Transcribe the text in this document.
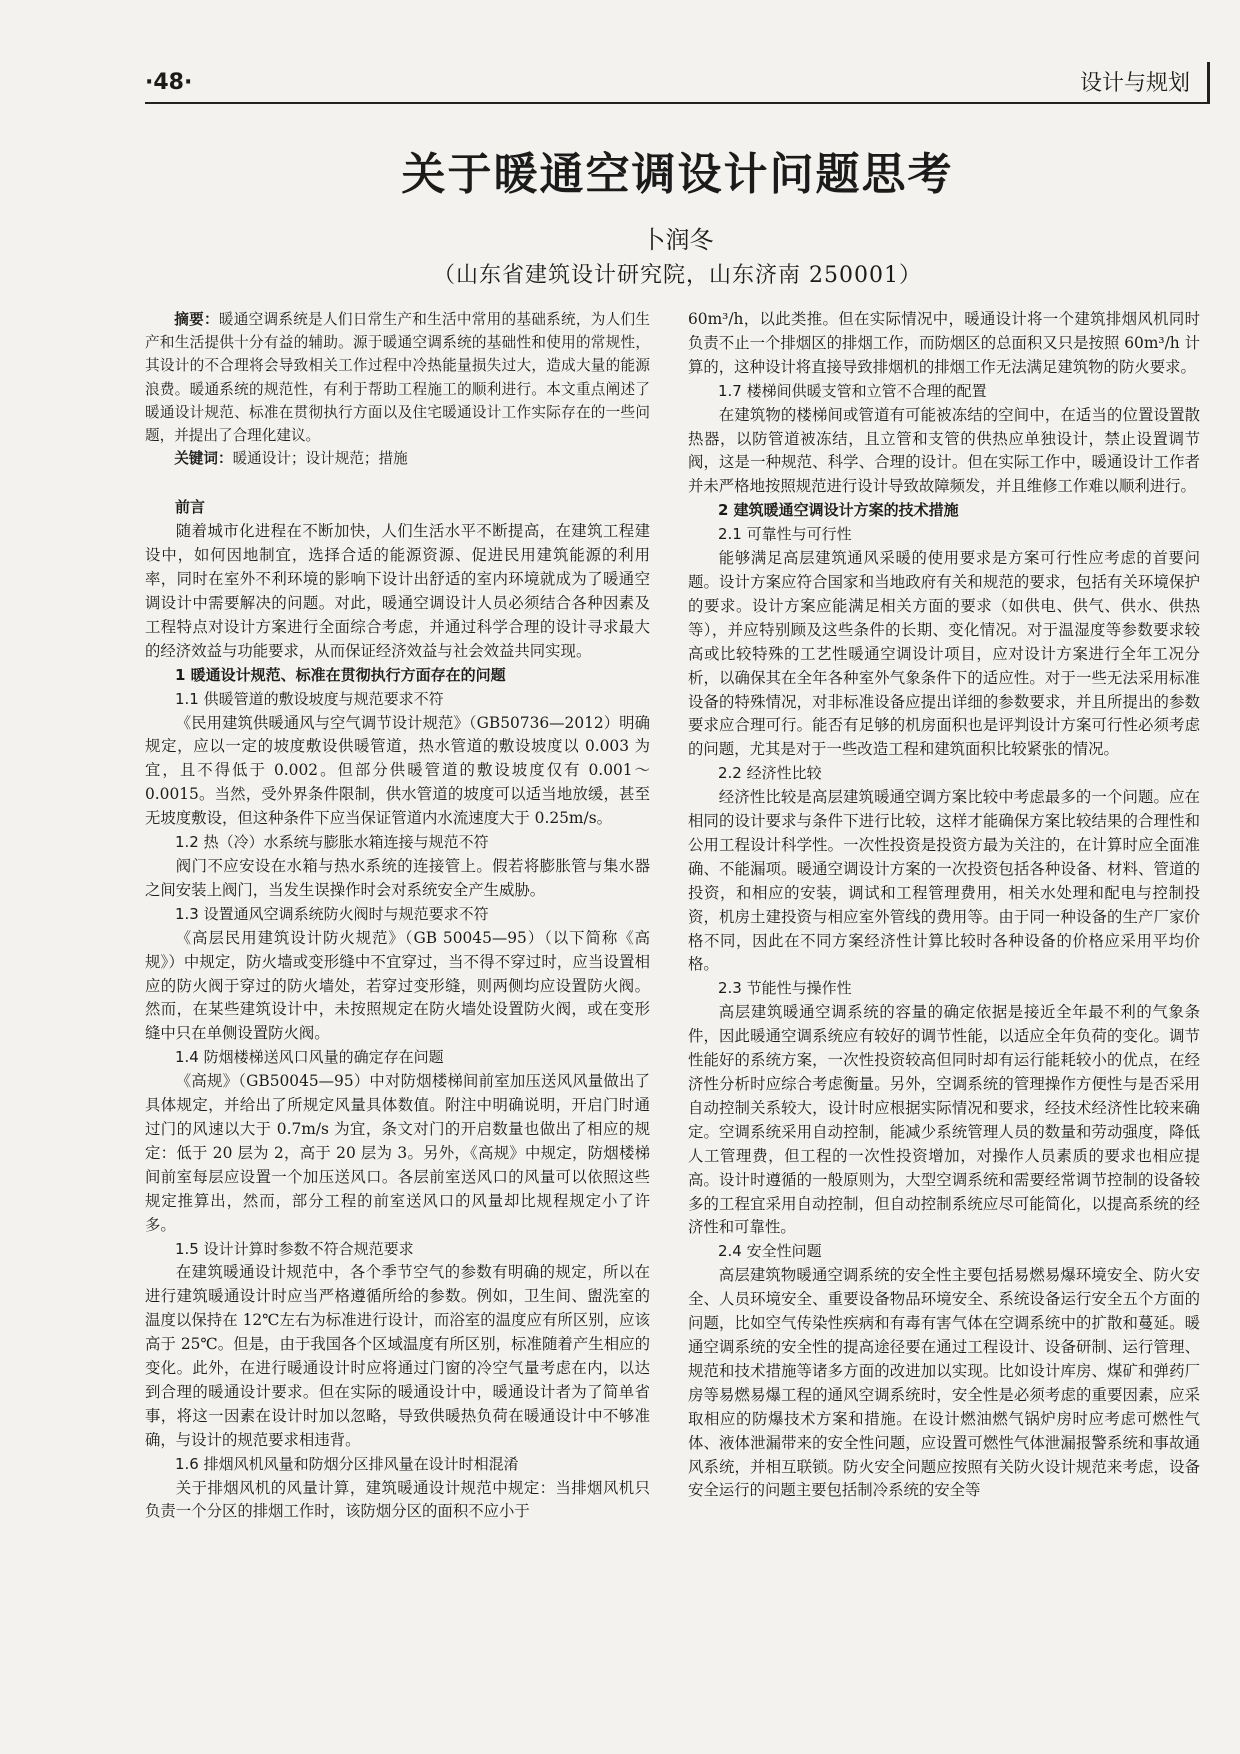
·48·	设计与规划
关于暖通空调设计问题思考
卜润冬
（山东省建筑设计研究院，山东济南 250001）

摘要：暖通空调系统是人们日常生产和生活中常用的基础系统，为人们生产和生活提供十分有益的辅助。源于暖通空调系统的基础性和使用的常规性，其设计的不合理将会导致相关工作过程中冷热能量损失过大，造成大量的能源浪费。暖通系统的规范性，有利于帮助工程施工的顺利进行。本文重点阐述了暖通设计规范、标准在贯彻执行方面以及住宅暖通设计工作实际存在的一些问题，并提出了合理化建议。

关键词：暖通设计；设计规范；措施

前言

随着城市化进程在不断加快，人们生活水平不断提高，在建筑工程建设中，如何因地制宜，选择合适的能源资源、促进民用建筑能源的利用率，同时在室外不利环境的影响下设计出舒适的室内环境就成为了暖通空调设计中需要解决的问题。对此，暖通空调设计人员必须结合各种因素及工程特点对设计方案进行全面综合考虑，并通过科学合理的设计寻求最大的经济效益与功能要求，从而保证经济效益与社会效益共同实现。

1 暖通设计规范、标准在贯彻执行方面存在的问题

1.1 供暖管道的敷设坡度与规范要求不符

《民用建筑供暖通风与空气调节设计规范》（GB50736—2012）明确规定，应以一定的坡度敷设供暖管道，热水管道的敷设坡度以 0.003 为宜，且不得低于 0.002。但部分供暖管道的敷设坡度仅有 0.001～0.0015。当然，受外界条件限制，供水管道的坡度可以适当地放缓，甚至无坡度敷设，但这种条件下应当保证管道内水流速度大于 0.25m/s。

1.2 热（冷）水系统与膨胀水箱连接与规范不符

阀门不应安设在水箱与热水系统的连接管上。假若将膨胀管与集水器之间安装上阀门，当发生误操作时会对系统安全产生威胁。

1.3 设置通风空调系统防火阀时与规范要求不符

《高层民用建筑设计防火规范》（GB 50045—95）（以下简称《高规》）中规定，防火墙或变形缝中不宜穿过，当不得不穿过时，应当设置相应的防火阀于穿过的防火墙处，若穿过变形缝，则两侧均应设置防火阀。然而，在某些建筑设计中，未按照规定在防火墙处设置防火阀，或在变形缝中只在单侧设置防火阀。

1.4 防烟楼梯送风口风量的确定存在问题

《高规》（GB50045—95）中对防烟楼梯间前室加压送风风量做出了具体规定，并给出了所规定风量具体数值。附注中明确说明，开启门时通过门的风速以大于 0.7m/s 为宜，条文对门的开启数量也做出了相应的规定：低于 20 层为 2，高于 20 层为 3。另外，《高规》中规定，防烟楼梯间前室每层应设置一个加压送风口。各层前室送风口的风量可以依照这些规定推算出，然而，部分工程的前室送风口的风量却比规程规定小了许多。

1.5 设计计算时参数不符合规范要求

在建筑暖通设计规范中，各个季节空气的参数有明确的规定，所以在进行建筑暖通设计时应当严格遵循所给的参数。例如，卫生间、盥洗室的温度以保持在 12℃左右为标准进行设计，而浴室的温度应有所区别，应该高于 25℃。但是，由于我国各个区域温度有所区别，标准随着产生相应的变化。此外，在进行暖通设计时应将通过门窗的冷空气量考虑在内，以达到合理的暖通设计要求。但在实际的暖通设计中，暖通设计者为了简单省事，将这一因素在设计时加以忽略，导致供暖热负荷在暖通设计中不够准确，与设计的规范要求相违背。

1.6 排烟风机风量和防烟分区排风量在设计时相混淆

关于排烟风机的风量计算，建筑暖通设计规范中规定：当排烟风机只负责一个分区的排烟工作时，该防烟分区的面积不应小于

60m³/h，以此类推。但在实际情况中，暖通设计将一个建筑排烟风机同时负责不止一个排烟区的排烟工作，而防烟区的总面积又只是按照 60m³/h 计算的，这种设计将直接导致排烟机的排烟工作无法满足建筑物的防火要求。

1.7 楼梯间供暖支管和立管不合理的配置

在建筑物的楼梯间或管道有可能被冻结的空间中，在适当的位置设置散热器，以防管道被冻结，且立管和支管的供热应单独设计，禁止设置调节阀，这是一种规范、科学、合理的设计。但在实际工作中，暖通设计工作者并未严格地按照规范进行设计导致故障频发，并且维修工作难以顺利进行。

2 建筑暖通空调设计方案的技术措施

2.1 可靠性与可行性

能够满足高层建筑通风采暖的使用要求是方案可行性应考虑的首要问题。设计方案应符合国家和当地政府有关和规范的要求，包括有关环境保护的要求。设计方案应能满足相关方面的要求（如供电、供气、供水、供热等），并应特别顾及这些条件的长期、变化情况。对于温湿度等参数要求较高或比较特殊的工艺性暖通空调设计项目，应对设计方案进行全年工况分析，以确保其在全年各种室外气象条件下的适应性。对于一些无法采用标准设备的特殊情况，对非标准设备应提出详细的参数要求，并且所提出的参数要求应合理可行。能否有足够的机房面积也是评判设计方案可行性必须考虑的问题，尤其是对于一些改造工程和建筑面积比较紧张的情况。

2.2 经济性比较

经济性比较是高层建筑暖通空调方案比较中考虑最多的一个问题。应在相同的设计要求与条件下进行比较，这样才能确保方案比较结果的合理性和公用工程设计科学性。一次性投资是投资方最为关注的，在计算时应全面准确、不能漏项。暖通空调设计方案的一次投资包括各种设备、材料、管道的投资，和相应的安装，调试和工程管理费用，相关水处理和配电与控制投资，机房土建投资与相应室外管线的费用等。由于同一种设备的生产厂家价格不同，因此在不同方案经济性计算比较时各种设备的价格应采用平均价格。

2.3 节能性与操作性

高层建筑暖通空调系统的容量的确定依据是接近全年最不利的气象条件，因此暖通空调系统应有较好的调节性能，以适应全年负荷的变化。调节性能好的系统方案，一次性投资较高但同时却有运行能耗较小的优点，在经济性分析时应综合考虑衡量。另外，空调系统的管理操作方便性与是否采用自动控制关系较大，设计时应根据实际情况和要求，经技术经济性比较来确定。空调系统采用自动控制，能减少系统管理人员的数量和劳动强度，降低人工管理费，但工程的一次性投资增加，对操作人员素质的要求也相应提高。设计时遵循的一般原则为，大型空调系统和需要经常调节控制的设备较多的工程宜采用自动控制，但自动控制系统应尽可能简化，以提高系统的经济性和可靠性。

2.4 安全性问题

高层建筑物暖通空调系统的安全性主要包括易燃易爆环境安全、防火安全、人员环境安全、重要设备物品环境安全、系统设备运行安全五个方面的问题，比如空气传染性疾病和有毒有害气体在空调系统中的扩散和蔓延。暖通空调系统的安全性的提高途径要在通过工程设计、设备研制、运行管理、规范和技术措施等诸多方面的改进加以实现。比如设计库房、煤矿和弹药厂房等易燃易爆工程的通风空调系统时，安全性是必须考虑的重要因素，应采取相应的防爆技术方案和措施。在设计燃油燃气锅炉房时应考虑可燃性气体、液体泄漏带来的安全性问题，应设置可燃性气体泄漏报警系统和事故通风系统，并相互联锁。防火安全问题应按照有关防火设计规范来考虑，设备安全运行的问题主要包括制冷系统的安全等
